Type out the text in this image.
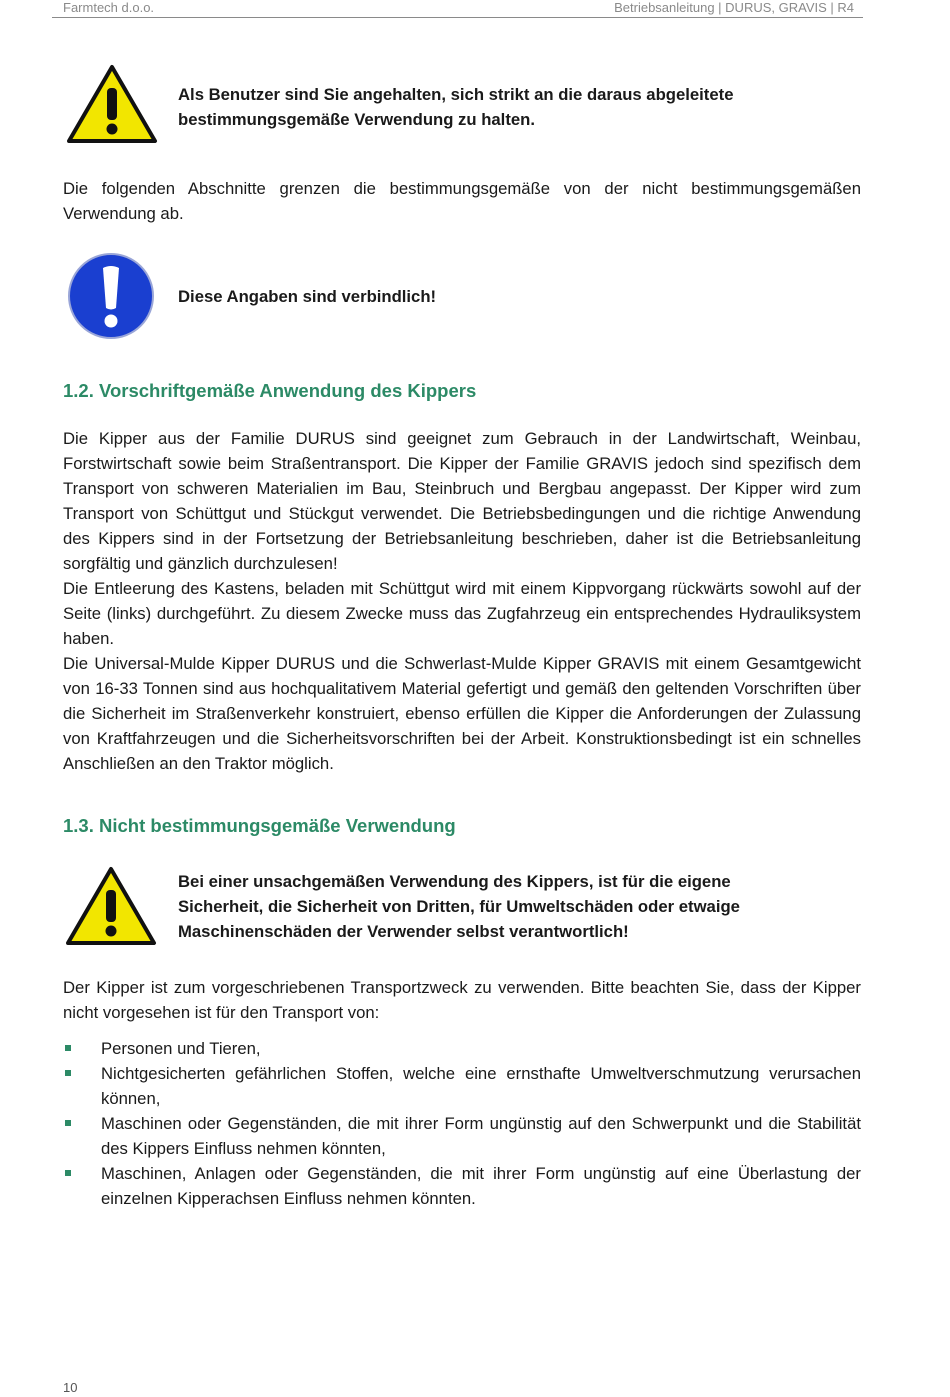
Farmtech d.o.o.	Betriebsanleitung | DURUS, GRAVIS | R4

Als Benutzer sind Sie angehalten, sich strikt an die daraus abgeleitete bestimmungsgemäße Verwendung zu halten.

Die folgenden Abschnitte grenzen die bestimmungsgemäße von der nicht bestimmungsgemäßen Verwendung ab.

Diese Angaben sind verbindlich!

1.2. Vorschriftgemäße Anwendung des Kippers

Die Kipper aus der Familie DURUS sind geeignet zum Gebrauch in der Landwirtschaft, Weinbau, Forstwirtschaft sowie beim Straßentransport. Die Kipper der Familie GRAVIS jedoch sind spezifisch dem Transport von schweren Materialien im Bau, Steinbruch und Bergbau angepasst. Der Kipper wird zum Transport von Schüttgut und Stückgut verwendet. Die Betriebsbedingungen und die richtige Anwendung des Kippers sind in der Fortsetzung der Betriebsanleitung beschrieben, daher ist die Betriebsanleitung sorgfältig und gänzlich durchzulesen!

Die Entleerung des Kastens, beladen mit Schüttgut wird mit einem Kippvorgang rückwärts sowohl auf der Seite (links) durchgeführt. Zu diesem Zwecke muss das Zugfahrzeug ein entsprechendes Hydrauliksystem haben.

Die Universal-Mulde Kipper DURUS und die Schwerlast-Mulde Kipper GRAVIS mit einem Gesamtgewicht von 16-33 Tonnen sind aus hochqualitativem Material gefertigt und gemäß den geltenden Vorschriften über die Sicherheit im Straßenverkehr konstruiert, ebenso erfüllen die Kipper die Anforderungen der Zulassung von Kraftfahrzeugen und die Sicherheitsvorschriften bei der Arbeit. Konstruktionsbedingt ist ein schnelles Anschließen an den Traktor möglich.

1.3. Nicht bestimmungsgemäße Verwendung

Bei einer unsachgemäßen Verwendung des Kippers, ist für die eigene Sicherheit, die Sicherheit von Dritten, für Umweltschäden oder etwaige Maschinenschäden der Verwender selbst verantwortlich!

Der Kipper ist zum vorgeschriebenen Transportzweck zu verwenden. Bitte beachten Sie, dass der Kipper nicht vorgesehen ist für den Transport von:

Personen und Tieren,
Nichtgesicherten gefährlichen Stoffen, welche eine ernsthafte Umweltverschmutzung verursachen können,
Maschinen oder Gegenständen, die mit ihrer Form ungünstig auf den Schwerpunkt und die Stabilität des Kippers Einfluss nehmen könnten,
Maschinen, Anlagen oder Gegenständen, die mit ihrer Form ungünstig auf eine Überlastung der einzelnen Kipperachsen Einfluss nehmen könnten.
10
